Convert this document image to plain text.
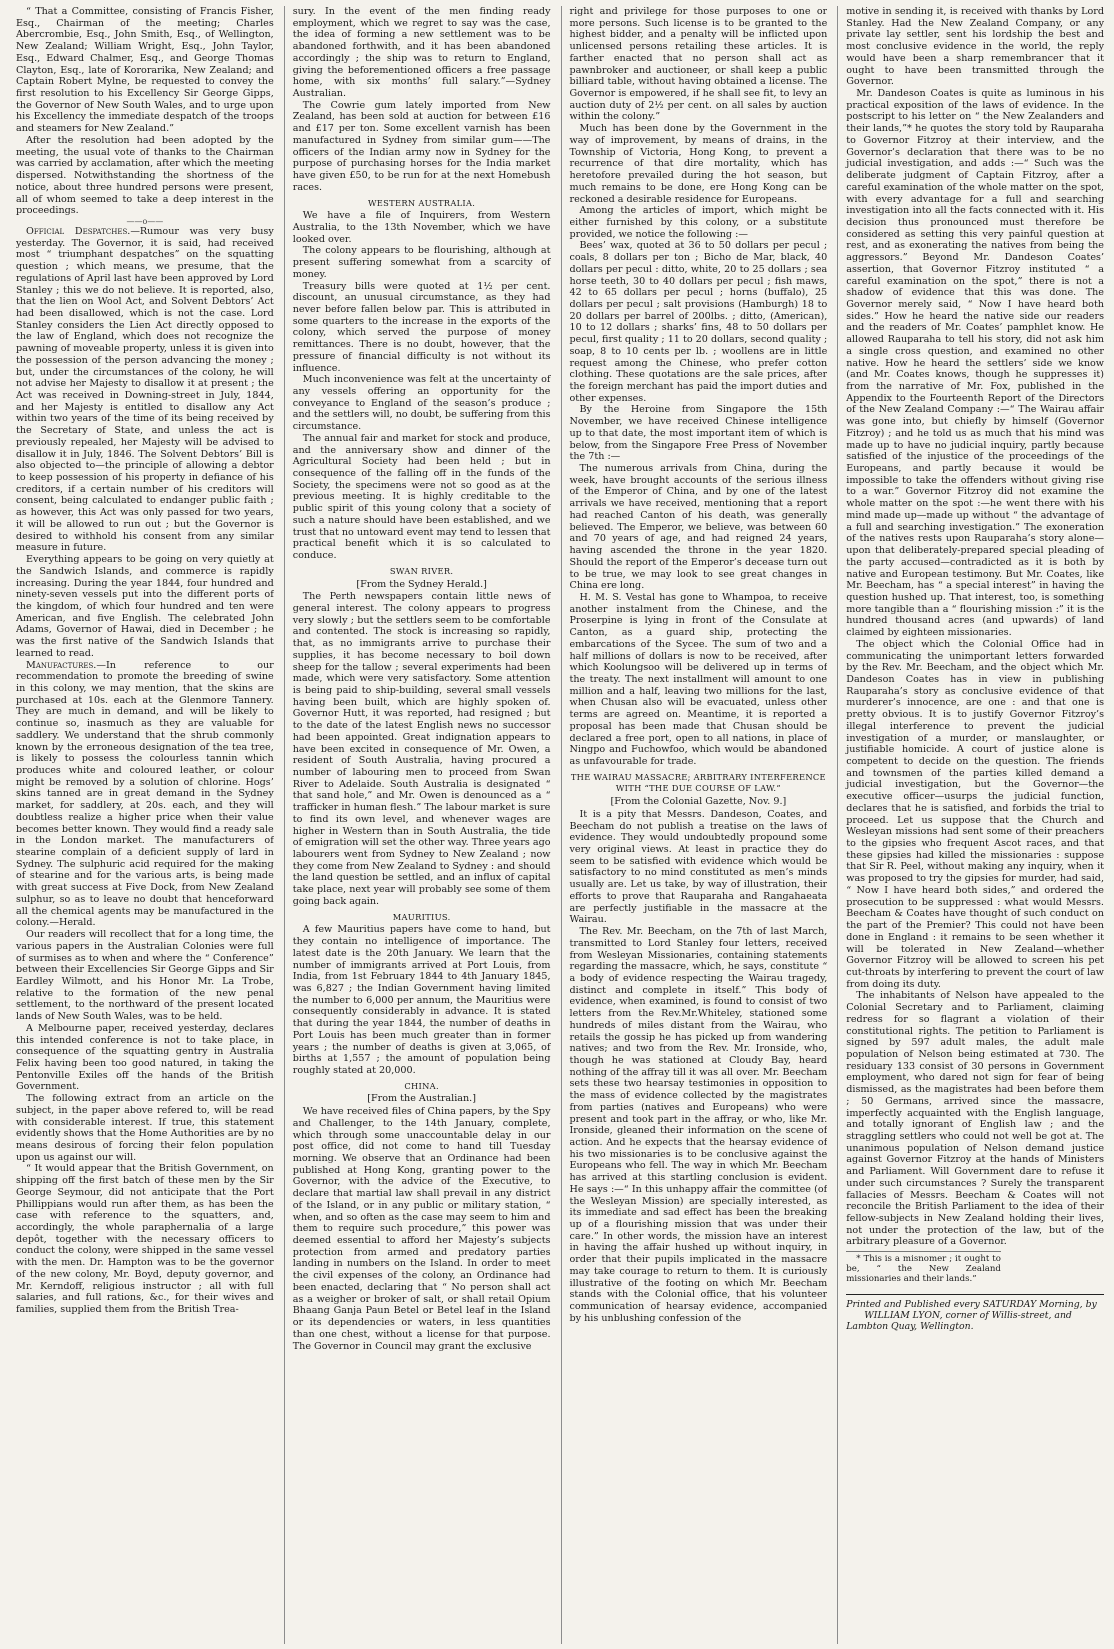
“ That a Committee, consisting of Francis Fisher, Esq., Chairman of the meeting; Charles Abercrombie, Esq., John Smith, Esq., of Wellington, New Zealand; William Wright, Esq., John Taylor, Esq., Edward Chalmer, Esq., and George Thomas Clayton, Esq., late of Kororarika, New Zealand; and Captain Robert Mylne, be requested to convey the first resolution to his Excellency Sir George Gipps, the Governor of New South Wales, and to urge upon his Excellency the immediate despatch of the troops and steamers for New Zealand.”

After the resolution had been adopted by the meeting, the usual vote of thanks to the Chairman was carried by acclamation, after which the meeting dispersed. Notwithstanding the shortness of the notice, about three hundred persons were present, all of whom seemed to take a deep interest in the proceedings.

——o——

Official Despatches.—Rumour was very busy yesterday. The Governor, it is said, had received most “ triumphant despatches” on the squatting question ; which means, we presume, that the regulations of April last have been approved by Lord Stanley ; this we do not believe. It is reported, also, that the lien on Wool Act, and Solvent Debtors’ Act had been disallowed, which is not the case. Lord Stanley considers the Lien Act directly opposed to the law of England, which does not recognize the pawning of moveable property, unless it is given into the possession of the person advancing the money ; but, under the circumstances of the colony, he will not advise her Majesty to disallow it at present ; the Act was received in Downing-street in July, 1844, and her Majesty is entitled to disallow any Act within two years of the time of its being received by the Secretary of State, and unless the act is previously repealed, her Majesty will be advised to disallow it in July, 1846. The Solvent Debtors’ Bill is also objected to—the principle of allowing a debtor to keep possession of his property in defiance of his creditors, if a certain number of his creditors will consent, being calculated to endanger public faith ; as however, this Act was only passed for two years, it will be allowed to run out ; but the Governor is desired to withhold his consent from any similar measure in future.

Everything appears to be going on very quietly at the Sandwich Islands, and commerce is rapidly increasing. During the year 1844, four hundred and ninety-seven vessels put into the different ports of the kingdom, of which four hundred and ten were American, and five English. The celebrated John Adams, Governor of Hawai, died in December ; he was the first native of the Sandwich Islands that learned to read.

Manufactures.—In reference to our recommendation to promote the breeding of swine in this colony, we may mention, that the skins are purchased at 10s. each at the Glenmore Tannery. They are much in demand, and will be likely to continue so, inasmuch as they are valuable for saddlery. We understand that the shrub commonly known by the erroneous designation of the tea tree, is likely to possess the colourless tannin which produces white and coloured leather, or colour might be removed by a solution of chlorine. Hogs’ skins tanned are in great demand in the Sydney market, for saddlery, at 20s. each, and they will doubtless realize a higher price when their value becomes better known. They would find a ready sale in the London market. The manufacturers of stearine complain of a deficient supply of lard in Sydney. The sulphuric acid required for the making of stearine and for the various arts, is being made with great success at Five Dock, from New Zealand sulphur, so as to leave no doubt that henceforward all the chemical agents may be manufactured in the colony.—Herald.

Our readers will recollect that for a long time, the various papers in the Australian Colonies were full of surmises as to when and where the “ Conference” between their Excellencies Sir George Gipps and Sir Eardley Wilmott, and his Honor Mr. La Trobe, relative to the formation of the new penal settlement, to the northward of the present located lands of New South Wales, was to be held.

A Melbourne paper, received yesterday, declares this intended conference is not to take place, in consequence of the squatting gentry in Australia Felix having been too good natured, in taking the Pentonville Exiles off the hands of the British Government.

The following extract from an article on the subject, in the paper above refered to, will be read with considerable interest. If true, this statement evidently shows that the Home Authorities are by no means desirous of forcing their felon population upon us against our will.

“ It would appear that the British Government, on shipping off the first batch of these men by the Sir George Seymour, did not anticipate that the Port Phillippians would run after them, as has been the case with reference to the squatters, and, accordingly, the whole paraphernalia of a large depôt, together with the necessary officers to conduct the colony, were shipped in the same vessel with the men. Dr. Hampton was to be the governor of the new colony, Mr. Boyd, deputy governor, and Mr. Kerndoff, religious instructor ; all with full salaries, and full rations, &c., for their wives and families, supplied them from the British Trea-

sury. In the event of the men finding ready employment, which we regret to say was the case, the idea of forming a new settlement was to be abandoned forthwith, and it has been abandoned accordingly ; the ship was to return to England, giving the beforementioned officers a free passage home, with six months’ full salary.”—Sydney Australian.

The Cowrie gum lately imported from New Zealand, has been sold at auction for between £16 and £17 per ton. Some excellent varnish has been manufactured in Sydney from similar gum——The officers of the Indian army now in Sydney for the purpose of purchasing horses for the India market have given £50, to be run for at the next Homebush races.

WESTERN AUSTRALIA.

We have a file of Inquirers, from Western Australia, to the 13th November, which we have looked over.

The colony appears to be flourishing, although at present suffering somewhat from a scarcity of money.

Treasury bills were quoted at 1½ per cent. discount, an unusual circumstance, as they had never before fallen below par. This is attributed in some quarters to the increase in the exports of the colony, which served the purpose of money remittances. There is no doubt, however, that the pressure of financial difficulty is not without its influence.

Much inconvenience was felt at the uncertainty of any vessels offering an opportunity for the conveyance to England of the season’s produce ; and the settlers will, no doubt, be suffering from this circumstance.

The annual fair and market for stock and produce, and the anniversary show and dinner of the Agricultural Society had been held ; but in consequence of the falling off in the funds of the Society, the specimens were not so good as at the previous meeting. It is highly creditable to the public spirit of this young colony that a society of such a nature should have been established, and we trust that no untoward event may tend to lessen that practical benefit which it is so calculated to conduce.

SWAN RIVER.

[From the Sydney Herald.]

The Perth newspapers contain little news of general interest. The colony appears to progress very slowly ; but the settlers seem to be comfortable and contented. The stock is increasing so rapidly, that, as no immigrants arrive to purchase their supplies, it has become necessary to boil down sheep for the tallow ; several experiments had been made, which were very satisfactory. Some attention is being paid to ship-building, several small vessels having been built, which are highly spoken of. Governor Hutt, it was reported, had resigned ; but to the date of the latest English news no successor had been appointed. Great indignation appears to have been excited in consequence of Mr. Owen, a resident of South Australia, having procured a number of labouring men to proceed from Swan River to Adelaide. South Australia is designated “ that sand hole,” and Mr. Owen is denounced as a “ trafficker in human flesh.” The labour market is sure to find its own level, and whenever wages are higher in Western than in South Australia, the tide of emigration will set the other way. Three years ago labourers went from Sydney to New Zealand ; now they come from New Zealand to Sydney : and should the land question be settled, and an influx of capital take place, next year will probably see some of them going back again.

MAURITIUS.

A few Mauritius papers have come to hand, but they contain no intelligence of importance. The latest date is the 20th January. We learn that the number of immigrants arrived at Port Louis, from India, from 1st February 1844 to 4th January 1845, was 6,827 ; the Indian Government having limited the number to 6,000 per annum, the Mauritius were consequently considerably in advance. It is stated that during the year 1844, the number of deaths in Port Louis has been much greater than in former years ; the number of deaths is given at 3,065, of births at 1,557 ; the amount of population being roughly stated at 20,000.

CHINA.

[From the Australian.]

We have received files of China papers, by the Spy and Challenger, to the 14th January, complete, which through some unaccountable delay in our post office, did not come to hand till Tuesday morning. We observe that an Ordinance had been published at Hong Kong, granting power to the Governor, with the advice of the Executive, to declare that martial law shall prevail in any district of the Island, or in any public or military station, “ when, and so often as the case may seem to him and them to require such procedure,” this power was deemed essential to afford her Majesty’s subjects protection from armed and predatory parties landing in numbers on the Island. In order to meet the civil expenses of the colony, an Ordinance had been enacted, declaring that “ No person shall act as a weigher or broker of salt, or shall retail Opium Bhaang Ganja Paun Betel or Betel leaf in the Island or its dependencies or waters, in less quantities than one chest, without a license for that purpose. The Governor in Council may grant the exclusive

right and privilege for those purposes to one or more persons. Such license is to be granted to the highest bidder, and a penalty will be inflicted upon unlicensed persons retailing these articles. It is farther enacted that no person shall act as pawnbroker and auctioneer, or shall keep a public billiard table, without having obtained a license. The Governor is empowered, if he shall see fit, to levy an auction duty of 2½ per cent. on all sales by auction within the colony.”

Much has been done by the Government in the way of improvement, by means of drains, in the Township of Victoria, Hong Kong, to prevent a recurrence of that dire mortality, which has heretofore prevailed during the hot season, but much remains to be done, ere Hong Kong can be reckoned a desirable residence for Europeans.

Among the articles of import, which might be either furnished by this colony, or a substitute provided, we notice the following :—

Bees’ wax, quoted at 36 to 50 dollars per pecul ; coals, 8 dollars per ton ; Bicho de Mar, black, 40 dollars per pecul : ditto, white, 20 to 25 dollars ; sea horse teeth, 30 to 40 dollars per pecul ; fish maws, 42 to 65 dollars per pecul ; horns (buffalo), 25 dollars per pecul ; salt provisions (Hamburgh) 18 to 20 dollars per barrel of 200lbs. ; ditto, (American), 10 to 12 dollars ; sharks’ fins, 48 to 50 dollars per pecul, first quality ; 11 to 20 dollars, second quality ; soap, 8 to 10 cents per lb. ; woollens are in little request among the Chinese, who prefer cotton clothing. These quotations are the sale prices, after the foreign merchant has paid the import duties and other expenses.

By the Heroine from Singapore the 15th November, we have received Chinese intelligence up to that date, the most important item of which is below, from the Singapore Free Press of November the 7th :—

The numerous arrivals from China, during the week, have brought accounts of the serious illness of the Emperor of China, and by one of the latest arrivals we have received, mentioning that a report had reached Canton of his death, was generally believed. The Emperor, we believe, was between 60 and 70 years of age, and had reigned 24 years, having ascended the throne in the year 1820. Should the report of the Emperor’s decease turn out to be true, we may look to see great changes in China ere long.

H. M. S. Vestal has gone to Whampoa, to receive another instalment from the Chinese, and the Proserpine is lying in front of the Consulate at Canton, as a guard ship, protecting the embarcations of the Sycee. The sum of two and a half millions of dollars is now to be received, after which Koolungsoo will be delivered up in terms of the treaty. The next installment will amount to one million and a half, leaving two millions for the last, when Chusan also will be evacuated, unless other terms are agreed on. Meantime, it is reported a proposal has been made that Chusan should be declared a free port, open to all nations, in place of Ningpo and Fuchowfoo, which would be abandoned as unfavourable for trade.

THE WAIRAU MASSACRE; ARBITRARY INTERFERENCE WITH “THE DUE COURSE OF LAW.”

[From the Colonial Gazette, Nov. 9.]

It is a pity that Messrs. Dandeson, Coates, and Beecham do not publish a treatise on the laws of evidence. They would undoubtedly propound some very original views. At least in practice they do seem to be satisfied with evidence which would be satisfactory to no mind constituted as men’s minds usually are. Let us take, by way of illustration, their efforts to prove that Rauparaha and Rangahaeata are perfectly justifiable in the massacre at the Wairau.

The Rev. Mr. Beecham, on the 7th of last March, transmitted to Lord Stanley four letters, received from Wesleyan Missionaries, containing statements regarding the massacre, which, he says, constitute “ a body of evidence respecting the Wairau tragedy, distinct and complete in itself.” This body of evidence, when examined, is found to consist of two letters from the Rev.Mr.Whiteley, stationed some hundreds of miles distant from the Wairau, who retails the gossip he has picked up from wandering natives; and two from the Rev. Mr. Ironside, who, though he was stationed at Cloudy Bay, heard nothing of the affray till it was all over. Mr. Beecham sets these two hearsay testimonies in opposition to the mass of evidence collected by the magistrates from parties (natives and Europeans) who were present and took part in the affray, or who, like Mr. Ironside, gleaned their information on the scene of action. And he expects that the hearsay evidence of his two missionaries is to be conclusive against the Europeans who fell. The way in which Mr. Beecham has arrived at this startling conclusion is evident. He says :—“ In this unhappy affair the committee (of the Wesleyan Mission) are specially interested, as its immediate and sad effect has been the breaking up of a flourishing mission that was under their care.” In other words, the mission have an interest in having the affair hushed up without inquiry, in order that their pupils implicated in the massacre may take courage to return to them. It is curiously illustrative of the footing on which Mr. Beecham stands with the Colonial office, that his volunteer communication of hearsay evidence, accompanied by his unblushing confession of the

motive in sending it, is received with thanks by Lord Stanley. Had the New Zealand Company, or any private lay settler, sent his lordship the best and most conclusive evidence in the world, the reply would have been a sharp remembrancer that it ought to have been transmitted through the Governor.

Mr. Dandeson Coates is quite as luminous in his practical exposition of the laws of evidence. In the postscript to his letter on “ the New Zealanders and their lands,”* he quotes the story told by Rauparaha to Governor Fitzroy at their interview, and the Governor’s declaration that there was to be no judicial investigation, and adds :—“ Such was the deliberate judgment of Captain Fitzroy, after a careful examination of the whole matter on the spot, with every advantage for a full and searching investigation into all the facts connected with it. His decision thus pronounced must therefore be considered as setting this very painful question at rest, and as exonerating the natives from being the aggressors.” Beyond Mr. Dandeson Coates’ assertion, that Governor Fitzroy instituted “ a careful examination on the spot,” there is not a shadow of evidence that this was done. The Governor merely said, “ Now I have heard both sides.” How he heard the native side our readers and the readers of Mr. Coates’ pamphlet know. He allowed Rauparaha to tell his story, did not ask him a single cross question, and examined no other native. How he heard the settlers’ side we know (and Mr. Coates knows, though he suppresses it) from the narrative of Mr. Fox, published in the Appendix to the Fourteenth Report of the Directors of the New Zealand Company :—“ The Wairau affair was gone into, but chiefly by himself (Governor Fitzroy) ; and he told us as much that his mind was made up to have no judicial inquiry, partly because satisfied of the injustice of the proceedings of the Europeans, and partly because it would be impossible to take the offenders without giving rise to a war.” Governor Fitzroy did not examine the whole matter on the spot :—he went there with his mind made up—made up without “ the advantage of a full and searching investigation.” The exoneration of the natives rests upon Rauparaha’s story alone—upon that deliberately-prepared special pleading of the party accused—contradicted as it is both by native and European testimony. But Mr. Coates, like Mr. Beecham, has “ a special interest” in having the question hushed up. That interest, too, is something more tangible than a “ flourishing mission :” it is the hundred thousand acres (and upwards) of land claimed by eighteen missionaries.

The object which the Colonial Office had in communicating the unimportant letters forwarded by the Rev. Mr. Beecham, and the object which Mr. Dandeson Coates has in view in publishing Rauparaha’s story as conclusive evidence of that murderer’s innocence, are one : and that one is pretty obvious. It is to justify Governor Fitzroy’s illegal interference to prevent the judicial investigation of a murder, or manslaughter, or justifiable homicide. A court of justice alone is competent to decide on the question. The friends and townsmen of the parties killed demand a judicial investigation, but the Governor—the executive officer—usurps the judicial function, declares that he is satisfied, and forbids the trial to proceed. Let us suppose that the Church and Wesleyan missions had sent some of their preachers to the gipsies who frequent Ascot races, and that these gipsies had killed the missionaries : suppose that Sir R. Peel, without making any inquiry, when it was proposed to try the gipsies for murder, had said, “ Now I have heard both sides,” and ordered the prosecution to be suppressed : what would Messrs. Beecham & Coates have thought of such conduct on the part of the Premier? This could not have been done in England : it remains to be seen whether it will be tolerated in New Zealand—whether Governor Fitzroy will be allowed to screen his pet cut-throats by interfering to prevent the court of law from doing its duty.

The inhabitants of Nelson have appealed to the Colonial Secretary and to Parliament, claiming redress for so flagrant a violation of their constitutional rights. The petition to Parliament is signed by 597 adult males, the adult male population of Nelson being estimated at 730. The residuary 133 consist of 30 persons in Government employment, who dared not sign for fear of being dismissed, as the magistrates had been before them ; 50 Germans, arrived since the massacre, imperfectly acquainted with the English language, and totally ignorant of English law ; and the straggling settlers who could not well be got at. The unanimous population of Nelson demand justice against Governor Fitzroy at the hands of Ministers and Parliament. Will Government dare to refuse it under such circumstances ? Surely the transparent fallacies of Messrs. Beecham & Coates will not reconcile the British Parliament to the idea of their fellow-subjects in New Zealand holding their lives, not under the protection of the law, but of the arbitrary pleasure of a Governor.

* This is a misnomer ; it ought to be, “ the New Zealand missionaries and their lands.”

Printed and Published every SATURDAY Morning, by

WILLIAM LYON, corner of Willis-street, and Lambton Quay, Wellington.
